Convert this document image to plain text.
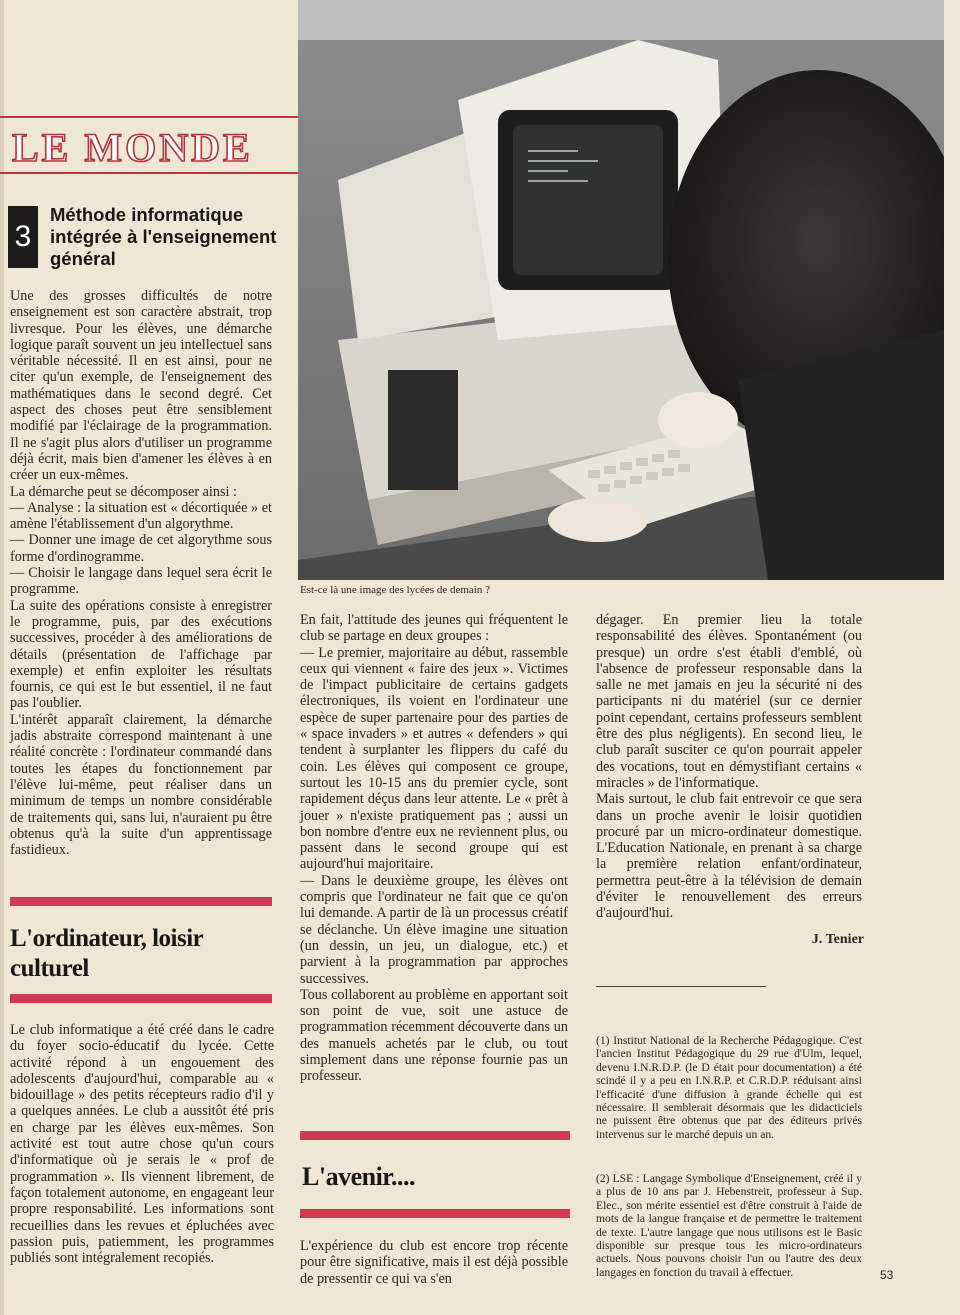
LE MONDE
3
Méthode informatique intégrée à l'enseignement général

Une des grosses difficultés de notre enseignement est son caractère abstrait, trop livresque. Pour les élèves, une démarche logique paraît souvent un jeu intellectuel sans véritable nécessité. Il en est ainsi, pour ne citer qu'un exemple, de l'enseignement des mathématiques dans le second degré. Cet aspect des choses peut être sensiblement modifié par l'éclairage de la programmation. Il ne s'agit plus alors d'utiliser un programme déjà écrit, mais bien d'amener les élèves à en créer un eux-mêmes.

La démarche peut se décomposer ainsi :

— Analyse : la situation est « décortiquée » et amène l'établissement d'un algorythme.

— Donner une image de cet algorythme sous forme d'ordinogramme.

— Choisir le langage dans lequel sera écrit le programme.

La suite des opérations consiste à enregistrer le programme, puis, par des exécutions successives, procéder à des améliorations de détails (présentation de l'affichage par exemple) et enfin exploiter les résultats fournis, ce qui est le but essentiel, il ne faut pas l'oublier.

L'intérêt apparaît clairement, la démarche jadis abstraite correspond maintenant à une réalité concrète : l'ordinateur commandé dans toutes les étapes du fonctionnement par l'élève lui-même, peut réaliser dans un minimum de temps un nombre considérable de traitements qui, sans lui, n'auraient pu être obtenus qu'à la suite d'un apprentissage fastidieux.

L'ordinateur, loisir culturel

Le club informatique a été créé dans le cadre du foyer socio-éducatif du lycée. Cette activité répond à un engouement des adolescents d'aujourd'hui, comparable au « bidouillage » des petits récepteurs radio d'il y a quelques années. Le club a aussitôt été pris en charge par les élèves eux-mêmes. Son activité est tout autre chose qu'un cours d'informatique où je serais le « prof de programmation ». Ils viennent librement, de façon totalement autonome, en engageant leur propre responsabilité. Les informations sont recueillies dans les revues et épluchées avec passion puis, patiemment, les programmes publiés sont intégralement recopiés.

Est-ce là une image des lycées de demain ?

En fait, l'attitude des jeunes qui fréquentent le club se partage en deux groupes :

— Le premier, majoritaire au début, rassemble ceux qui viennent « faire des jeux ». Victimes de l'impact publicitaire de certains gadgets électroniques, ils voient en l'ordinateur une espèce de super partenaire pour des parties de « space invaders » et autres « defenders » qui tendent à surplanter les flippers du café du coin. Les élèves qui composent ce groupe, surtout les 10-15 ans du premier cycle, sont rapidement déçus dans leur attente. Le « prêt à jouer » n'existe pratiquement pas ; aussi un bon nombre d'entre eux ne reviennent plus, ou passent dans le second groupe qui est aujourd'hui majoritaire.

— Dans le deuxième groupe, les élèves ont compris que l'ordinateur ne fait que ce qu'on lui demande. A partir de là un processus créatif se déclanche. Un élève imagine une situation (un dessin, un jeu, un dialogue, etc.) et parvient à la programmation par approches successives.

Tous collaborent au problème en apportant soit son point de vue, soit une astuce de programmation récemment découverte dans un des manuels achetés par le club, ou tout simplement dans une réponse fournie pas un professeur.

L'avenir....

L'expérience du club est encore trop récente pour être significative, mais il est déjà possible de pressentir ce qui va s'en

dégager. En premier lieu la totale responsabilité des élèves. Spontanément (ou presque) un ordre s'est établi d'emblé, où l'absence de professeur responsable dans la salle ne met jamais en jeu la sécurité ni des participants ni du matériel (sur ce dernier point cependant, certains professeurs semblent être des plus négligents). En second lieu, le club paraît susciter ce qu'on pourrait appeler des vocations, tout en démystifiant certains « miracles » de l'informatique.

Mais surtout, le club fait entrevoir ce que sera dans un proche avenir le loisir quotidien procuré par un micro-ordinateur domestique. L'Education Nationale, en prenant à sa charge la première relation enfant/ordinateur, permettra peut-être à la télévision de demain d'éviter le renouvellement des erreurs d'aujourd'hui.

J. Tenier

(1) Institut National de la Recherche Pédagogique. C'est l'ancien Institut Pédagogique du 29 rue d'Ulm, lequel, devenu I.N.R.D.P. (le D était pour documentation) a été scindé il y a peu en I.N.R.P. et C.R.D.P. réduisant ainsi l'efficacité d'une diffusion à grande échelle qui est nécessaire. Il semblerait désormais que les didacticiels ne puissent être obtenus que par des éditeurs privés intervenus sur le marché depuis un an.

(2) LSE : Langage Symbolique d'Enseignement, créé il y a plus de 10 ans par J. Hebenstreit, professeur à Sup. Elec., son mérite essentiel est d'être construit à l'aide de mots de la langue française et de permettre le traitement de texte. L'autre langage que nous utilisons est le Basic disponible sur presque tous les micro-ordinateurs actuels. Nous pouvons choisir l'un ou l'autre des deux langages en fonction du travail à effectuer.	53
